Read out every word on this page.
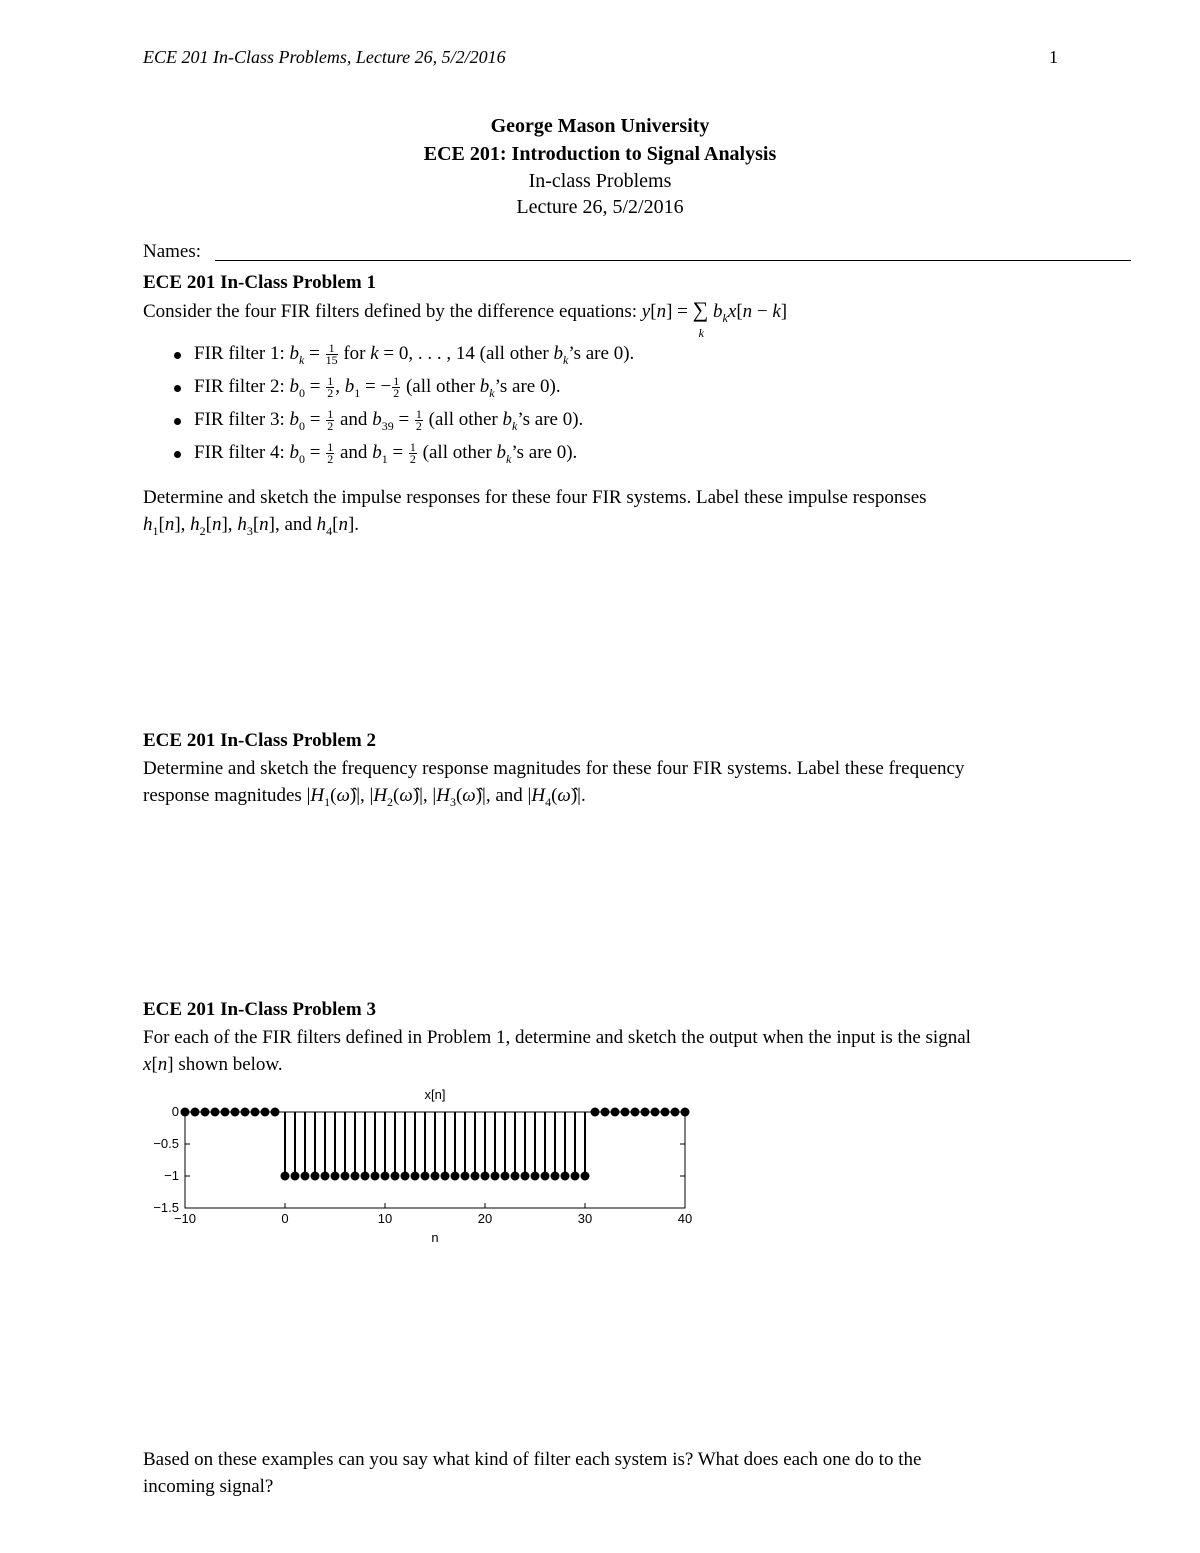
ECE 201 In-Class Problems, Lecture 26, 5/2/2016	1
George Mason University
ECE 201: Introduction to Signal Analysis
In-class Problems
Lecture 26, 5/2/2016
Names:
ECE 201 In-Class Problem 1
Consider the four FIR filters defined by the difference equations: y[n] = ∑
k
$b_kx[n - k]$
FIR filter 1: $b_k = \frac{1}{15}$ for k = 0, . . . , 14 (all other $b_k’s$ are 0).
FIR filter 2: $b_0 = \frac{1}{2}$ , $b_1$ = − $\frac{1}{2} (all$ other $b_k’s$ are 0).
FIR filter 3: $b_0 = \frac{1}{2}$ and $b_{39} = \frac{1}{2} (all$ other $b_k’s$ are 0).
FIR filter 4: $b_0 = \frac{1}{2}$ and $b_1 = \frac{1}{2} (all$ other $b_k’s$ are 0).
Determine and sketch the impulse responses for these four FIR systems. Label these impulse responses
$h_1[n]$, $h_2[n]$, $h_3[n]$, and $h_4[n]$.
ECE 201 In-Class Problem 2
Determine and sketch the frequency response magnitudes for these four FIR systems. Label these frequency
response magnitudes $|H_1(\omegâ)|$, $|H_2(\omegâ)|$, $|H_3(\omegâ)|$, and $|H_4(\omegâ)|$.
ECE 201 In-Class Problem 3
For each of the FIR filters defined in Problem 1, determine and sketch the output when the input is the signal
x[n] shown below.
x[n]
n
−10	0	10	20	30	40
0
−0.5
−1
−1.5
Based on these examples can you say what kind of filter each system is? What does each one do to the
incoming signal?
